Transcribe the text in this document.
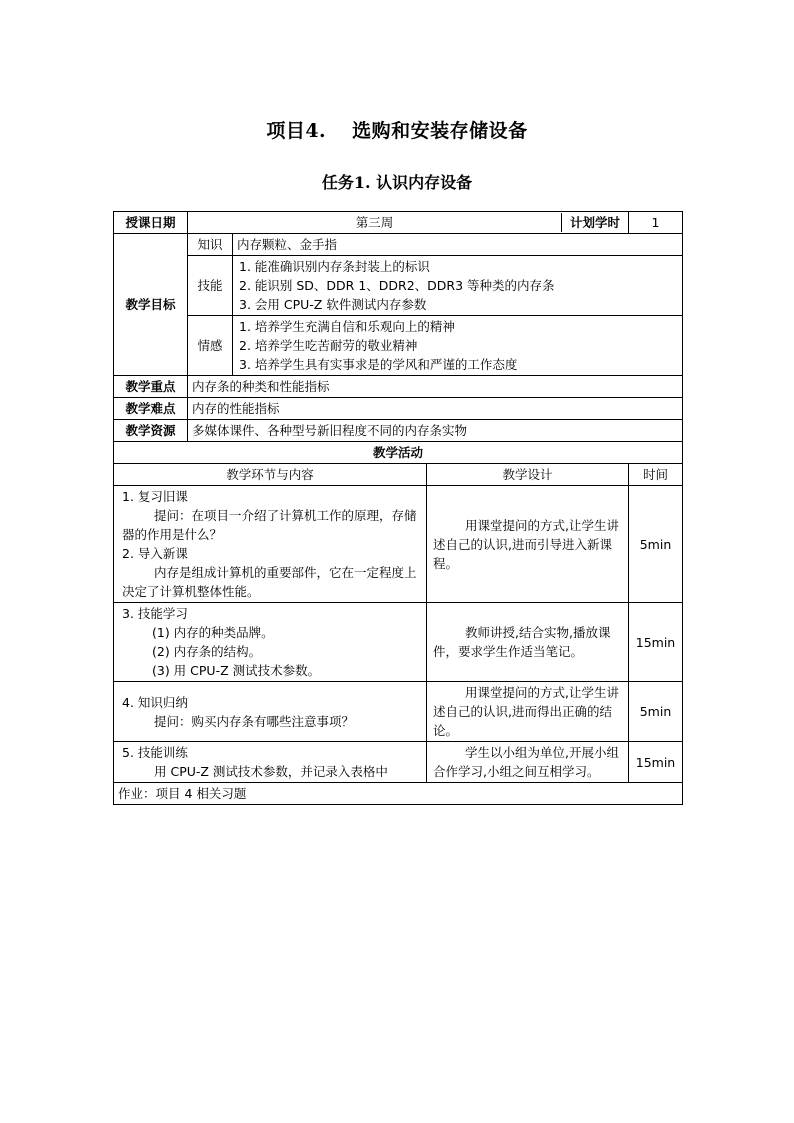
项目4. 选购和安装存储设备
任务1. 认识内存设备
授课日期	第三周 计划学时			1
教学目标	知识	内存颗粒、金手指		
	技能	1. 能准确识别内存条封装上的标识
2. 能识别 SD、DDR 1、DDR2、DDR3 等种类的内存条
3. 会用 CPU-Z 软件测试内存参数		

	情感	1. 培养学生充满自信和乐观向上的精神
2. 培养学生吃苦耐劳的敬业精神
3. 培养学生具有实事求是的学风和严谨的工作态度		

教学重点	内存条的种类和性能指标			
教学难点	内存的性能指标			
教学资源	多媒体课件、各种型号新旧程度不同的内存条实物			
教学活动				
教学环节与内容			教学设计	时间

1. 复习旧课
提问：在项目一介绍了计算机工作的原理，存储器的作用是什么？
2. 导入新课
内存是组成计算机的重要部件，它在一定程度上决定了计算机整体性能。			用课堂提问的方式,让学生讲述自己的认识,进而引导进入新课程。	5min

3. 技能学习
(1) 内存的种类品牌。
(2) 内存条的结构。
(3) 用 CPU-Z 测试技术参数。			教师讲授,结合实物,播放课件，要求学生作适当笔记。	15min

4. 知识归纳
提问：购买内存条有哪些注意事项？			用课堂提问的方式,让学生讲述自己的认识,进而得出正确的结论。	5min

5. 技能训练
用 CPU-Z 测试技术参数，并记录入表格中			学生以小组为单位,开展小组合作学习,小组之间互相学习。	15min
作业：项目 4 相关习题				
